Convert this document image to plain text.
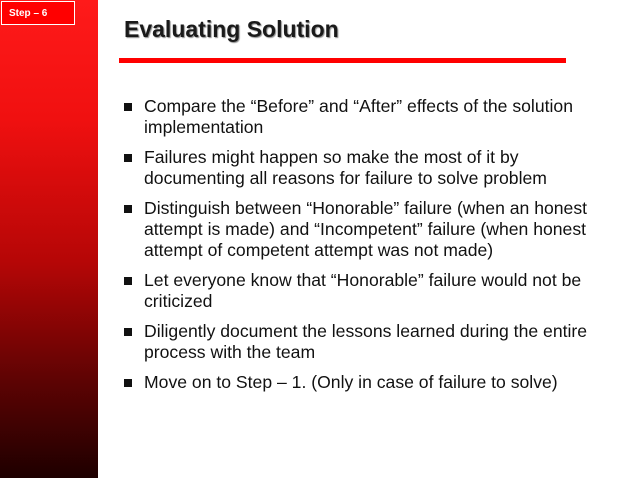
Step – 6
Evaluating Solution
Compare the “Before” and “After” effects of the solution implementation
Failures might happen so make the most of it by documenting all reasons for failure to solve problem
Distinguish between “Honorable” failure (when an honest attempt is made) and “Incompetent” failure (when honest attempt of competent attempt was not made)
Let everyone know that “Honorable” failure would not be criticized
Diligently document the lessons learned during the entire process with the team
Move on to Step – 1. (Only in case of failure to solve)
